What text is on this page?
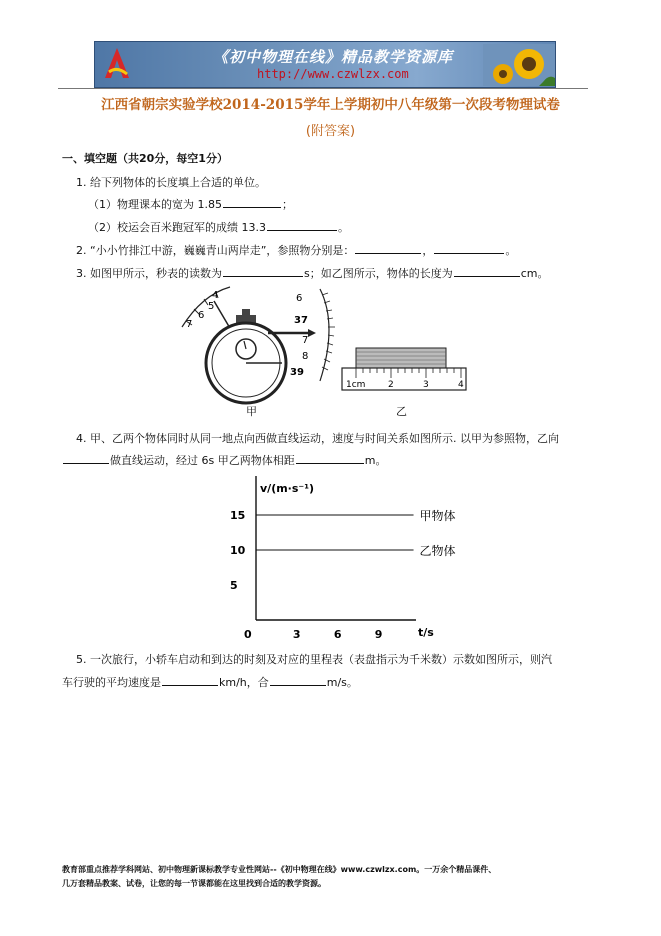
《初中物理在线》精品教学资源库
http://www.czwlzx.com
江西省朝宗实验学校2014-2015学年上学期初中八年级第一次段考物理试卷
(附答案)
一、填空题（共20分，每空1分）
1. 给下列物体的长度填上合适的单位。
（1）物理课本的宽为 1.85	；
（2）校运会百米跑冠军的成绩 13.3	。
2. “小小竹排江中游，巍巍青山两岸走”，参照物分别是：	，	。
3. 如图甲所示，秒表的读数为	s；如乙图所示，物体的长度为	cm。
4
5
6
7
6
37
7
8
39
甲
1cm	2	3	4
乙
4. 甲、乙两个物体同时从同一地点向西做直线运动，速度与时间关系如图所示. 以甲为参照物，乙向
做直线运动，经过 6s 甲乙两物体相距	m。
v/(m·s⁻¹)
t/s
0	3	6	9
5
10
15	甲物体
乙物体
5. 一次旅行，小轿车启动和到达的时刻及对应的里程表（表盘指示为千米数）示数如图所示，则汽
车行驶的平均速度是	km/h，合	m/s。
教育部重点推荐学科网站、初中物理新课标教学专业性网站--《初中物理在线》www.czwlzx.com。一万余个精品课件、
几万套精品教案、试卷，让您的每一节课都能在这里找到合适的教学资源。
